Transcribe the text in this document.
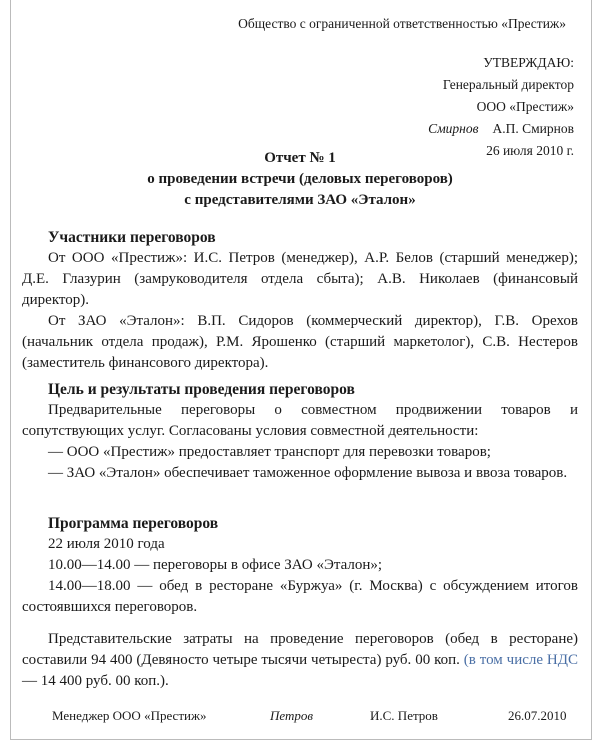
Общество с ограниченной ответственностью «Престиж»
УТВЕРЖДАЮ:
Генеральный директор
ООО «Престиж»
Смирнов А.П. Смирнов
26 июля 2010 г.
Отчет № 1
о проведении встречи (деловых переговоров)
с представителями ЗАО «Эталон»
Участники переговоров

От ООО «Престиж»: И.С. Петров (менеджер), А.Р. Белов (старший менеджер); Д.Е. Глазурин (замруководителя отдела сбыта); А.В. Николаев (финансовый директор).

От ЗАО «Эталон»: В.П. Сидоров (коммерческий директор), Г.В. Орехов (начальник отдела продаж), Р.М. Ярошенко (старший маркетолог), С.В. Нестеров (заместитель финансового директора).

Цель и результаты проведения переговоров

Предварительные переговоры о совместном продвижении товаров и сопутствующих услуг. Согласованы условия совместной деятельности:

— ООО «Престиж» предоставляет транспорт для перевозки товаров;

— ЗАО «Эталон» обеспечивает таможенное оформление вывоза и ввоза товаров.

Программа переговоров

22 июля 2010 года

10.00—14.00 — переговоры в офисе ЗАО «Эталон»;

14.00—18.00 — обед в ресторане «Буржуа» (г. Москва) с обсуждением итогов состоявшихся переговоров.

Представительские затраты на проведение переговоров (обед в ресторане) составили 94 400 (Девяносто четыре тысячи четыреста) руб. 00 коп. (в том числе НДС — 14 400 руб. 00 коп.).

Менеджер ООО «Престиж»	Петров	И.С. Петров	26.07.2010
